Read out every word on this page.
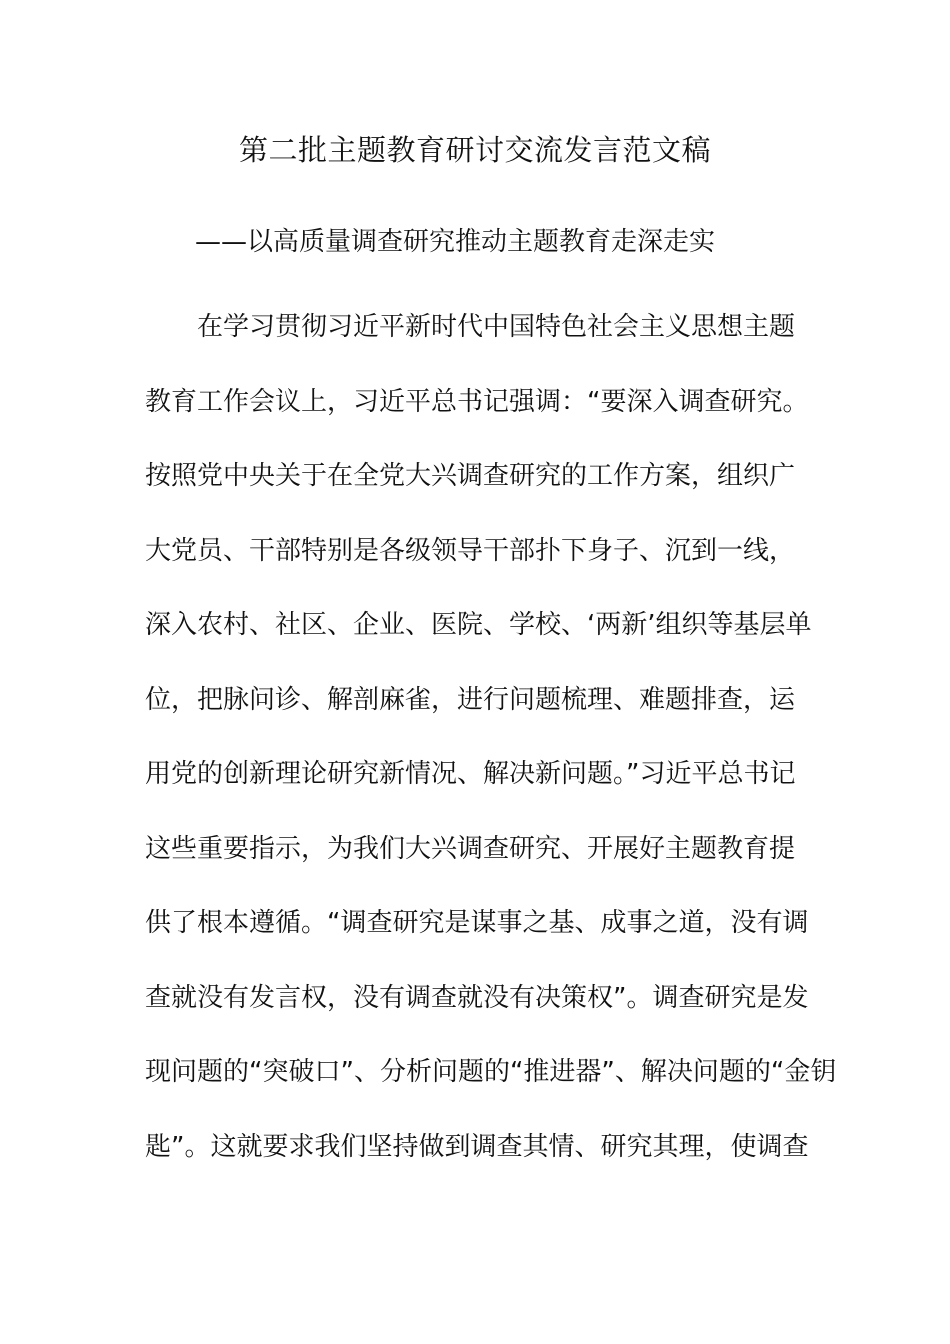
第二批主题教育研讨交流发言范文稿
——以高质量调查研究推动主题教育走深走实
在学习贯彻习近平新时代中国特色社会主义思想主题
教育工作会议上，习近平总书记强调：“要深入调查研究。
按照党中央关于在全党大兴调查研究的工作方案，组织广
大党员、干部特别是各级领导干部扑下身子、沉到一线，
深入农村、社区、企业、医院、学校、‘两新’组织等基层单
位，把脉问诊、解剖麻雀，进行问题梳理、难题排查，运
用党的创新理论研究新情况、解决新问题。”习近平总书记
这些重要指示，为我们大兴调查研究、开展好主题教育提
供了根本遵循。“调查研究是谋事之基、成事之道，没有调
查就没有发言权，没有调查就没有决策权”。调查研究是发
现问题的“突破口”、分析问题的“推进器”、解决问题的“金钥
匙”。这就要求我们坚持做到调查其情、研究其理，使调查
